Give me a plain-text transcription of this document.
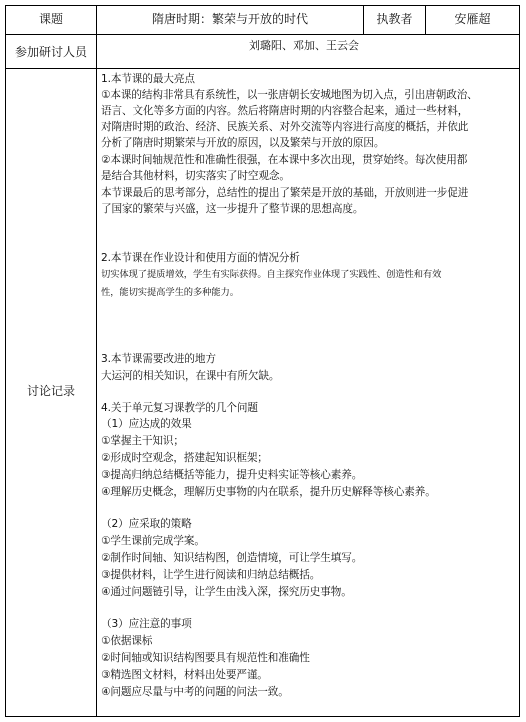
课题	隋唐时期：繁荣与开放的时代	执教者	安雁超
参加研讨人员	刘璐阳、邓加、王云会
讨论记录
1.本节课的最大亮点
①本课的结构非常具有系统性，以一张唐朝长安城地图为切入点，引出唐朝政治、
语言、文化等多方面的内容。然后将隋唐时期的内容整合起来，通过一些材料，
对隋唐时期的政治、经济、民族关系、对外交流等内容进行高度的概括，并依此
分析了隋唐时期繁荣与开放的原因，以及繁荣与开放的原因。
②本课时间轴规范性和准确性很强，在本课中多次出现，贯穿始终。每次使用都
是结合其他材料，切实落实了时空观念。
本节课最后的思考部分，总结性的提出了繁荣是开放的基础，开放则进一步促进
了国家的繁荣与兴盛，这一步提升了整节课的思想高度。
2.本节课在作业设计和使用方面的情况分析
切实体现了提质增效，学生有实际获得。自主探究作业体现了实践性、创造性和有效
性，能切实提高学生的多种能力。
3.本节课需要改进的地方
大运河的相关知识，在课中有所欠缺。
4.关于单元复习课教学的几个问题
（1）应达成的效果
①掌握主干知识；
②形成时空观念，搭建起知识框架；
③提高归纳总结概括等能力，提升史料实证等核心素养。
④理解历史概念，理解历史事物的内在联系，提升历史解释等核心素养。
（2）应采取的策略
①学生课前完成学案。
②制作时间轴、知识结构图，创造情境，可让学生填写。
③提供材料，让学生进行阅读和归纳总结概括。
④通过问题链引导，让学生由浅入深，探究历史事物。
（3）应注意的事项
①依据课标
②时间轴或知识结构图要具有规范性和准确性
③精选图文材料，材料出处要严谨。
④问题应尽量与中考的问题的问法一致。
